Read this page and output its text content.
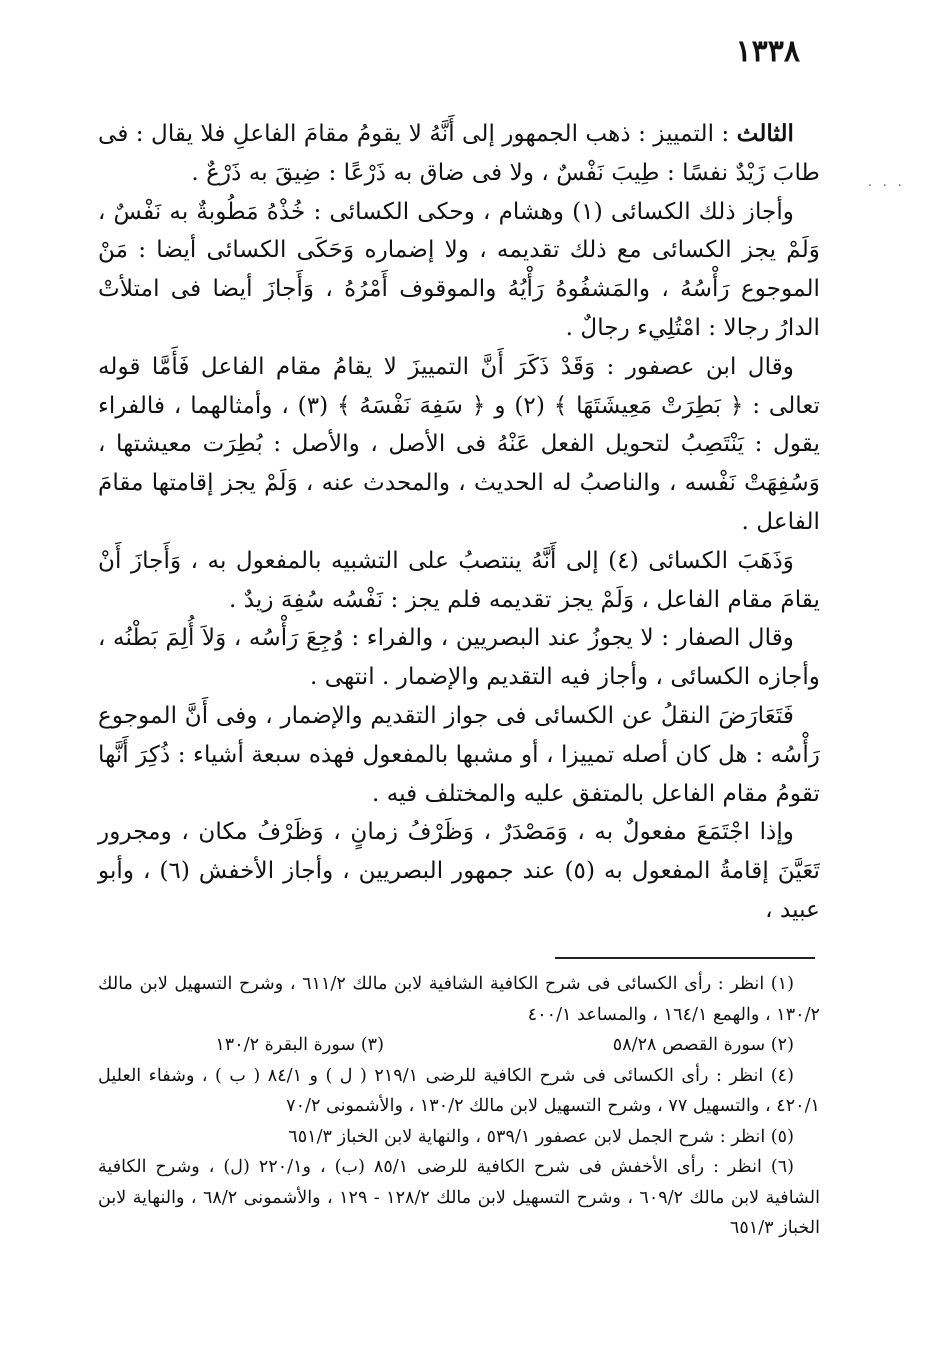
١٣٣٨
· · ·

الثالث : التمييز : ذهب الجمهور إلى أَنَّهُ لا يقومُ مقامَ الفاعلِ فلا يقال : فى طابَ زَيْدٌ نفسًا : طِيبَ نَفْسٌ ، ولا فى ضاق به ذَرْعًا : ضِيقَ به ذَرْعٌ .

وأجاز ذلك الكسائى (١) وهشام ، وحكى الكسائى : خُذْهُ مَطُوبةٌ به نَفْسٌ ، وَلَمْ يجز الكسائى مع ذلك تقديمه ، ولا إضماره وَحَكَى الكسائى أيضا : مَنْ الموجوع رَأْسُهُ ، والمَشفُوهُ رَأْيُهُ والموقوف أَمْرُهُ ، وَأَجازَ أيضا فى امتلأتْ الدارُ رجالا : امْتُلِيء رجالٌ .

وقال ابن عصفور : وَقَدْ ذَكَرَ أَنَّ التمييزَ لا يقامُ مقام الفاعل فَأَمَّا قوله تعالى : ﴿ بَطِرَتْ مَعِيشَتَهَا ﴾ (٢) و ﴿ سَفِهَ نَفْسَهُ ﴾ (٣) ، وأمثالهما ، فالفراء يقول : يَنْتَصِبُ لتحويل الفعل عَنْهُ فى الأصل ، والأصل : بُطِرَت معيشتها ، وَسُفِهَتْ نَفْسه ، والناصبُ له الحديث ، والمحدث عنه ، وَلَمْ يجز إقامتها مقامَ الفاعل .

وَذَهَبَ الكسائى (٤) إلى أَنَّهُ ينتصبُ على التشبيه بالمفعول به ، وَأَجازَ أَنْ يقامَ مقام الفاعل ، وَلَمْ يجز تقديمه فلم يجز : نَفْسُه سُفِهَ زيدٌ .

وقال الصفار : لا يجوزُ عند البصريين ، والفراء : وُجِعَ رَأْسُه ، وَلاَ أُلِمَ بَطْنُه ، وأجازه الكسائى ، وأجاز فيه التقديم والإضمار . انتهى .

فَتَعَارَضَ النقلُ عن الكسائى فى جواز التقديم والإضمار ، وفى أَنَّ الموجوع رَأْسُه : هل كان أصله تمييزا ، أو مشبها بالمفعول فهذه سبعة أشياء : ذُكِرَ أَنَّها تقومُ مقام الفاعل بالمتفق عليه والمختلف فيه .

وإذا اجْتَمَعَ مفعولٌ به ، وَمَصْدَرٌ ، وَظَرْفُ زمانٍ ، وَظَرْفُ مكان ، ومجرور تَعَيَّنَ إقامةُ المفعول به (٥) عند جمهور البصريين ، وأجاز الأخفش (٦) ، وأبو عبيد ،

(١) انظر : رأى الكسائى فى شرح الكافية الشافية لابن مالك ٦١١/٢ ، وشرح التسهيل لابن مالك ١٣٠/٢ ، والهمع ١٦٤/١ ، والمساعد ٤٠٠/١

(٢) سورة القصص ٥٨/٢٨
(٣) سورة البقرة ١٣٠/٢

(٤) انظر : رأى الكسائى فى شرح الكافية للرضى ٢١٩/١ ( ل ) و ٨٤/١ ( ب ) ، وشفاء العليل ٤٢٠/١ ، والتسهيل ٧٧ ، وشرح التسهيل لابن مالك ١٣٠/٢ ، والأشمونى ٧٠/٢

(٥) انظر : شرح الجمل لابن عصفور ٥٣٩/١ ، والنهاية لابن الخباز ٦٥١/٣

(٦) انظر : رأى الأخفش فى شرح الكافية للرضى ٨٥/١ (ب) ، و٢٢٠/١ (ل) ، وشرح الكافية الشافية لابن مالك ٦٠٩/٢ ، وشرح التسهيل لابن مالك ١٢٨/٢ - ١٢٩ ، والأشمونى ٦٨/٢ ، والنهاية لابن الخباز ٦٥١/٣
